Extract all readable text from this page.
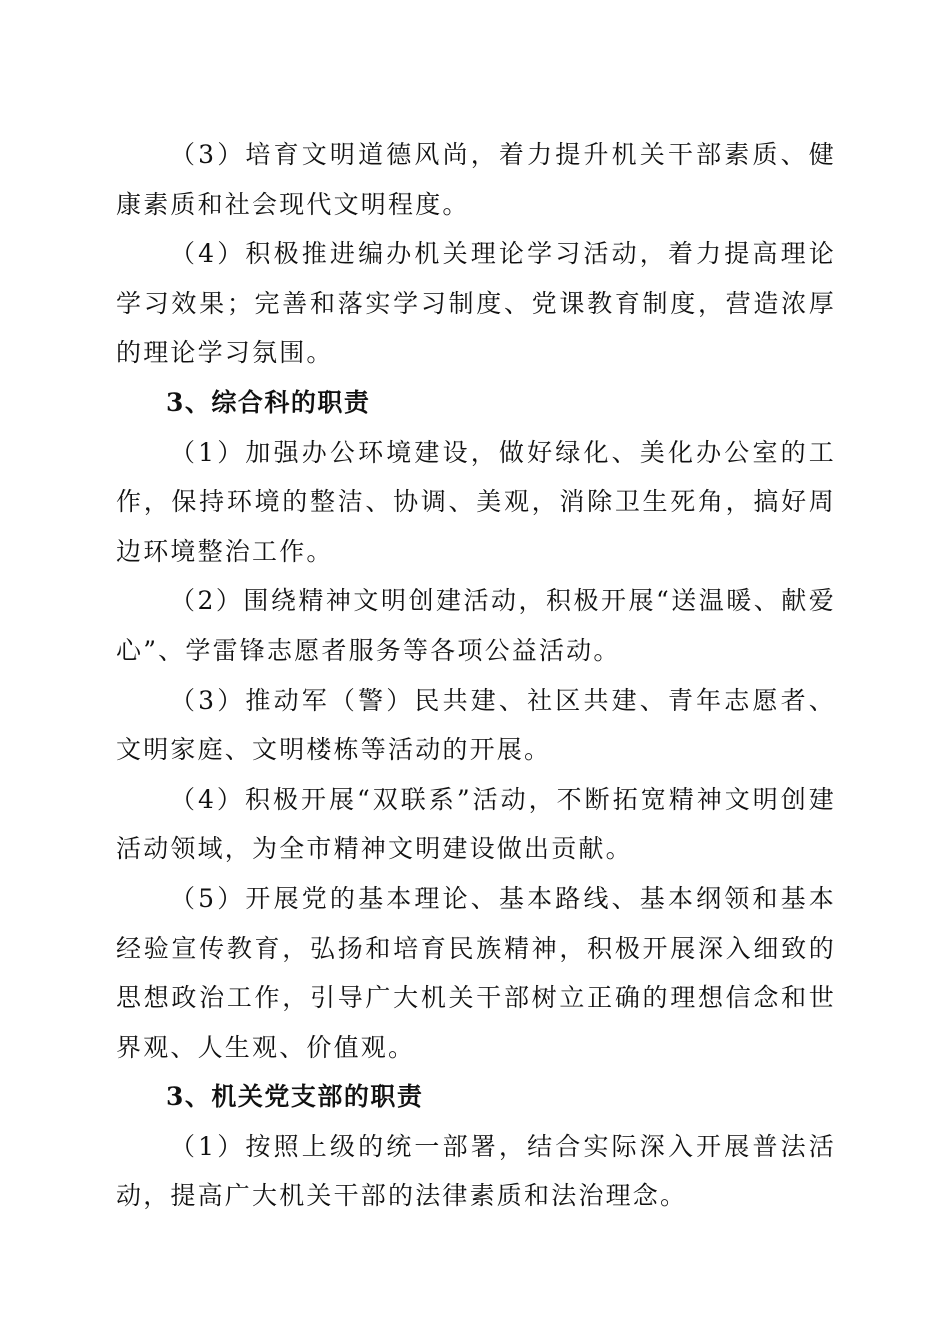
（3）培育文明道德风尚，着力提升机关干部素质、健康素质和社会现代文明程度。

（4）积极推进编办机关理论学习活动，着力提高理论学习效果；完善和落实学习制度、党课教育制度，营造浓厚的理论学习氛围。

3、综合科的职责

（1）加强办公环境建设，做好绿化、美化办公室的工作，保持环境的整洁、协调、美观，消除卫生死角，搞好周边环境整治工作。

（2）围绕精神文明创建活动，积极开展“送温暖、献爱心”、学雷锋志愿者服务等各项公益活动。

（3）推动军（警）民共建、社区共建、青年志愿者、文明家庭、文明楼栋等活动的开展。

（4）积极开展“双联系”活动，不断拓宽精神文明创建活动领域，为全市精神文明建设做出贡献。

（5）开展党的基本理论、基本路线、基本纲领和基本经验宣传教育，弘扬和培育民族精神，积极开展深入细致的思想政治工作，引导广大机关干部树立正确的理想信念和世界观、人生观、价值观。

3、机关党支部的职责

（1）按照上级的统一部署，结合实际深入开展普法活动，提高广大机关干部的法律素质和法治理念。
